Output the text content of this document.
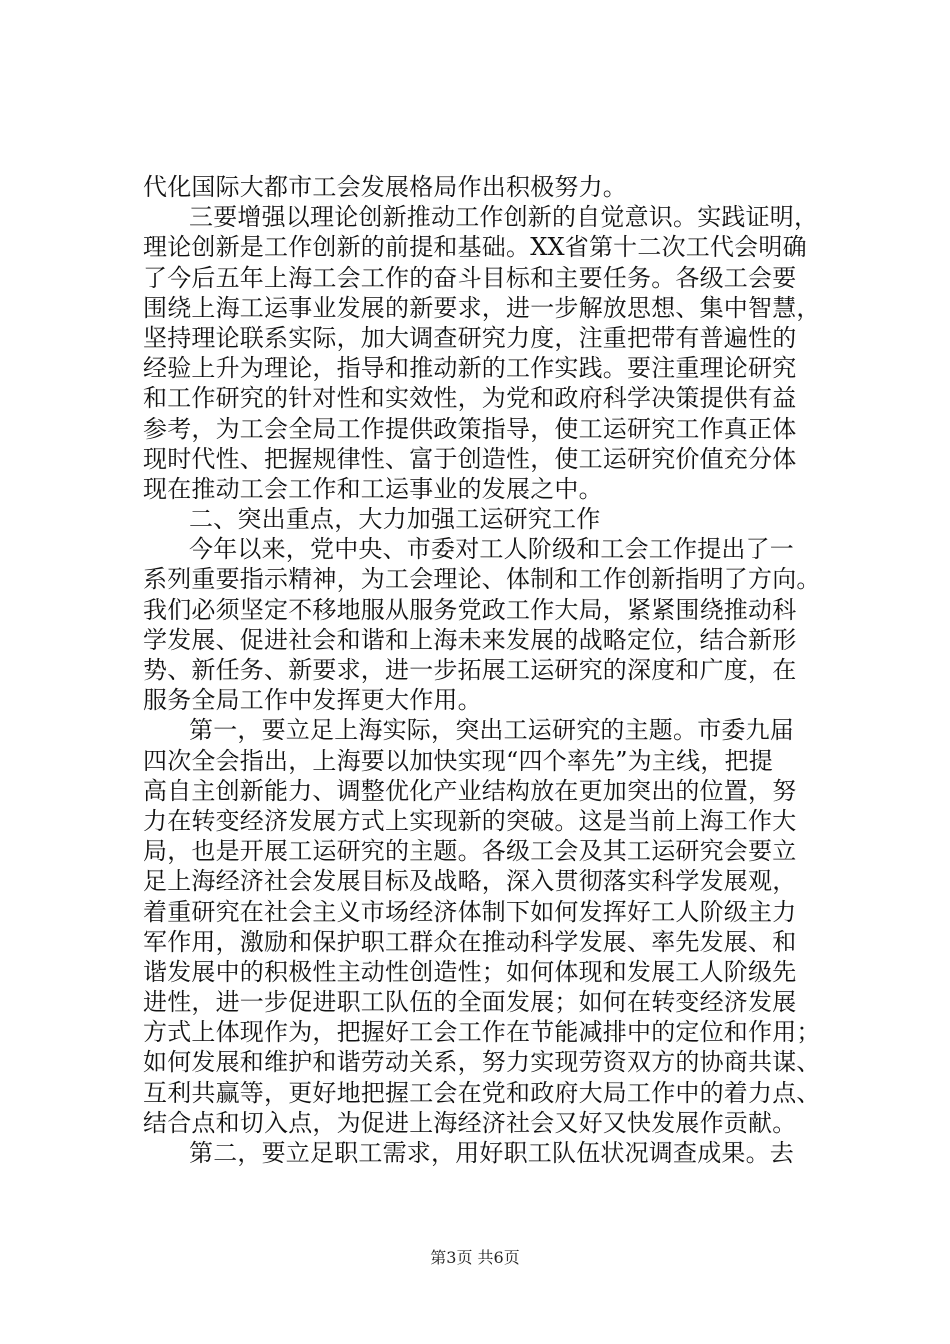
代化国际大都市工会发展格局作出积极努力。
三要增强以理论创新推动工作创新的自觉意识。实践证明，
理论创新是工作创新的前提和基础。XX省第十二次工代会明确
了今后五年上海工会工作的奋斗目标和主要任务。各级工会要
围绕上海工运事业发展的新要求，进一步解放思想、集中智慧，
坚持理论联系实际，加大调查研究力度，注重把带有普遍性的
经验上升为理论，指导和推动新的工作实践。要注重理论研究
和工作研究的针对性和实效性，为党和政府科学决策提供有益
参考，为工会全局工作提供政策指导，使工运研究工作真正体
现时代性、把握规律性、富于创造性，使工运研究价值充分体
现在推动工会工作和工运事业的发展之中。
二、突出重点，大力加强工运研究工作
今年以来，党中央、市委对工人阶级和工会工作提出了一
系列重要指示精神，为工会理论、体制和工作创新指明了方向。
我们必须坚定不移地服从服务党政工作大局，紧紧围绕推动科
学发展、促进社会和谐和上海未来发展的战略定位，结合新形
势、新任务、新要求，进一步拓展工运研究的深度和广度，在
服务全局工作中发挥更大作用。
第一，要立足上海实际，突出工运研究的主题。市委九届
四次全会指出，上海要以加快实现“四个率先”为主线，把提
高自主创新能力、调整优化产业结构放在更加突出的位置，努
力在转变经济发展方式上实现新的突破。这是当前上海工作大
局，也是开展工运研究的主题。各级工会及其工运研究会要立
足上海经济社会发展目标及战略，深入贯彻落实科学发展观，
着重研究在社会主义市场经济体制下如何发挥好工人阶级主力
军作用，激励和保护职工群众在推动科学发展、率先发展、和
谐发展中的积极性主动性创造性；如何体现和发展工人阶级先
进性，进一步促进职工队伍的全面发展；如何在转变经济发展
方式上体现作为，把握好工会工作在节能减排中的定位和作用；
如何发展和维护和谐劳动关系，努力实现劳资双方的协商共谋、
互利共赢等，更好地把握工会在党和政府大局工作中的着力点、
结合点和切入点，为促进上海经济社会又好又快发展作贡献。
第二，要立足职工需求，用好职工队伍状况调查成果。去
第3页 共6页
